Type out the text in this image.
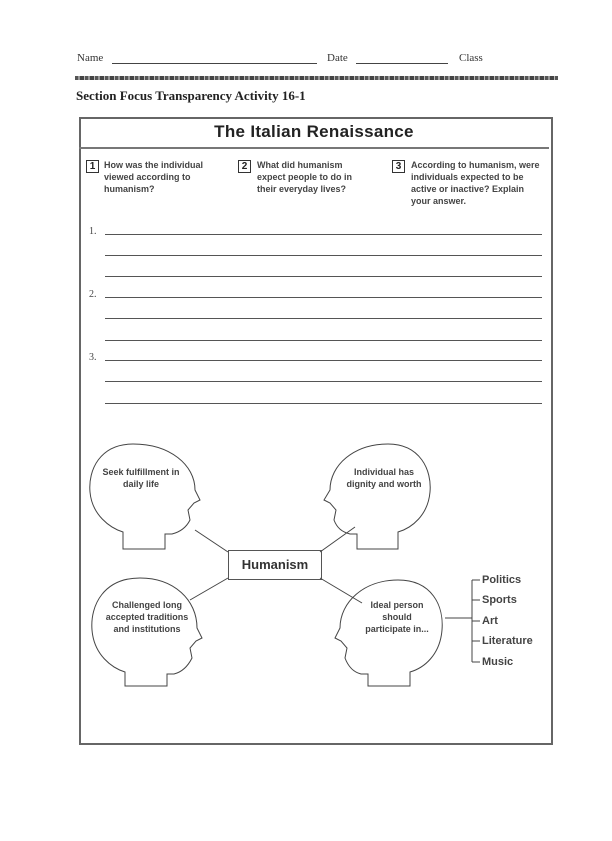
Name	Date	Class
Section Focus Transparency Activity 16-1
The Italian Renaissance
1 How was the individual viewed according to humanism?
2	What did humanism expect people to do in their everyday lives?
3	According to humanism, were individuals expected to be active or inactive? Explain your answer.
1.
2.
3.
Seek fulfillment in daily life
Individual has dignity and worth
Challenged long accepted traditions and institutions
Ideal person should participate in...
Humanism
Politics
Sports
Art
Literature
Music
